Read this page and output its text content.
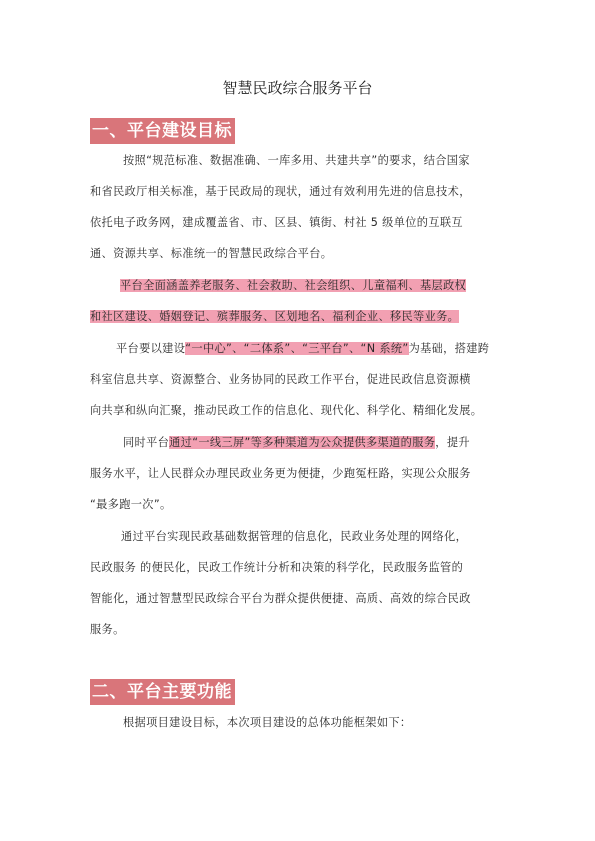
智慧民政综合服务平台
一、平台建设目标
按照“规范标准、数据准确、一库多用、共建共享”的要求，结合国家
和省民政厅相关标准，基于民政局的现状，通过有效利用先进的信息技术，
依托电子政务网，建成覆盖省、市、区县、镇街、村社 5 级单位的互联互
通、资源共享、标准统一的智慧民政综合平台。
平台全面涵盖养老服务、社会救助、社会组织、儿童福利、基层政权
和社区建设、婚姻登记、殡葬服务、区划地名、福利企业、移民等业务。
平台要以建设“一中心”、“二体系”、“三平台”、“N 系统”为基础，搭建跨
科室信息共享、资源整合、业务协同的民政工作平台，促进民政信息资源横
向共享和纵向汇聚，推动民政工作的信息化、现代化、科学化、精细化发展。
同时平台通过“一线三屏”等多种渠道为公众提供多渠道的服务，提升
服务水平，让人民群众办理民政业务更为便捷，少跑冤枉路，实现公众服务
“最多跑一次”。
通过平台实现民政基础数据管理的信息化，民政业务处理的网络化，
民政服务 的便民化，民政工作统计分析和决策的科学化，民政服务监管的
智能化，通过智慧型民政综合平台为群众提供便捷、高质、高效的综合民政
服务。
二、平台主要功能
根据项目建设目标，本次项目建设的总体功能框架如下：
